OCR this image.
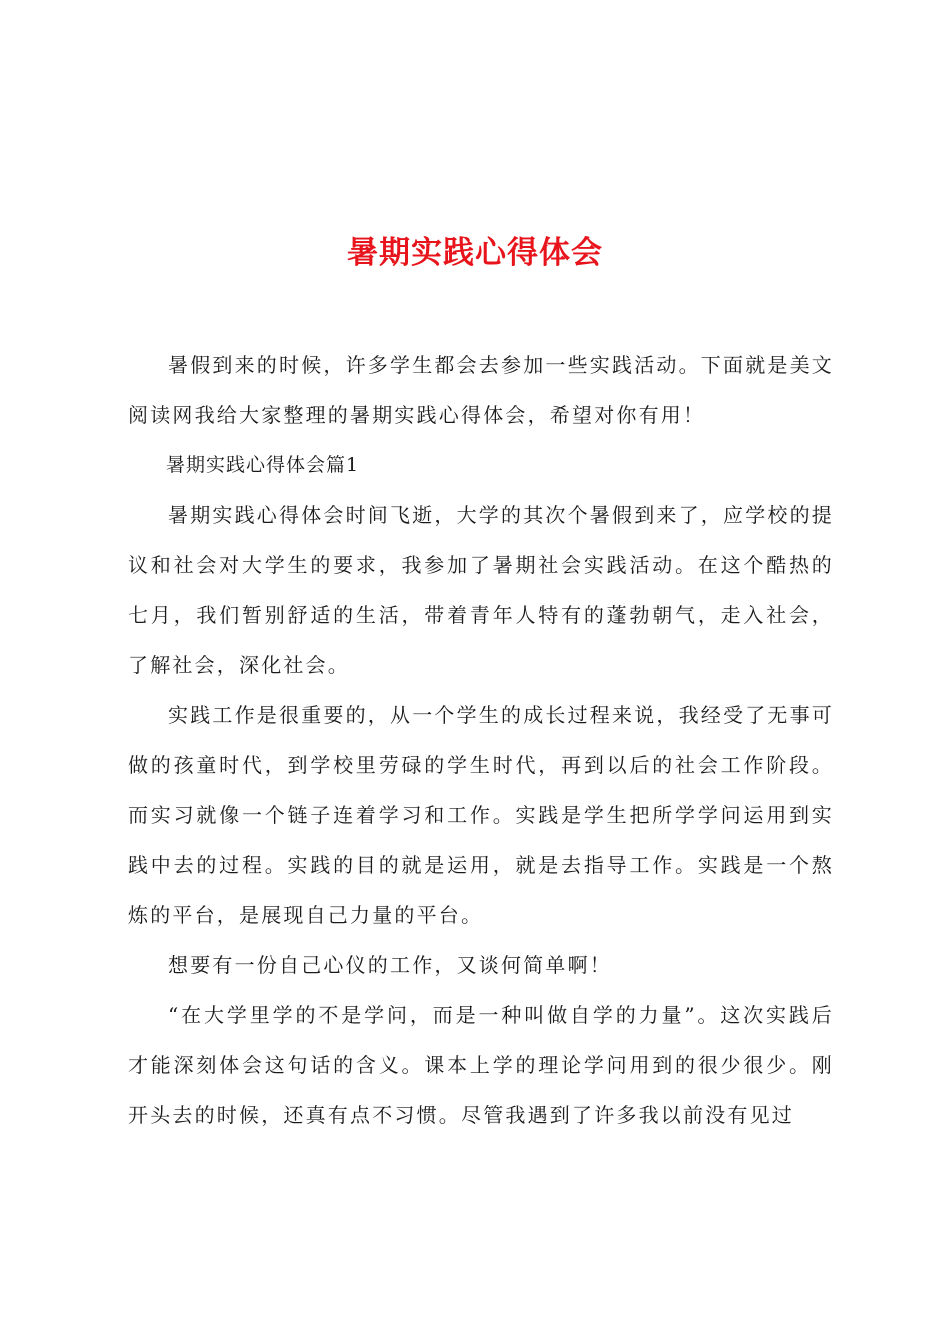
暑期实践心得体会

暑假到来的时候，许多学生都会去参加一些实践活动。下面就是美文阅读网我给大家整理的暑期实践心得体会，希望对你有用！

暑期实践心得体会篇1

暑期实践心得体会时间飞逝，大学的其次个暑假到来了，应学校的提议和社会对大学生的要求，我参加了暑期社会实践活动。在这个酷热的七月，我们暂别舒适的生活，带着青年人特有的蓬勃朝气，走入社会，了解社会，深化社会。

实践工作是很重要的，从一个学生的成长过程来说，我经受了无事可做的孩童时代，到学校里劳碌的学生时代，再到以后的社会工作阶段。而实习就像一个链子连着学习和工作。实践是学生把所学学问运用到实践中去的过程。实践的目的就是运用，就是去指导工作。实践是一个熬炼的平台，是展现自己力量的平台。

想要有一份自己心仪的工作，又谈何简单啊！

“在大学里学的不是学问，而是一种叫做自学的力量”。这次实践后才能深刻体会这句话的含义。课本上学的理论学问用到的很少很少。刚开头去的时候，还真有点不习惯。尽管我遇到了许多我以前没有见过
